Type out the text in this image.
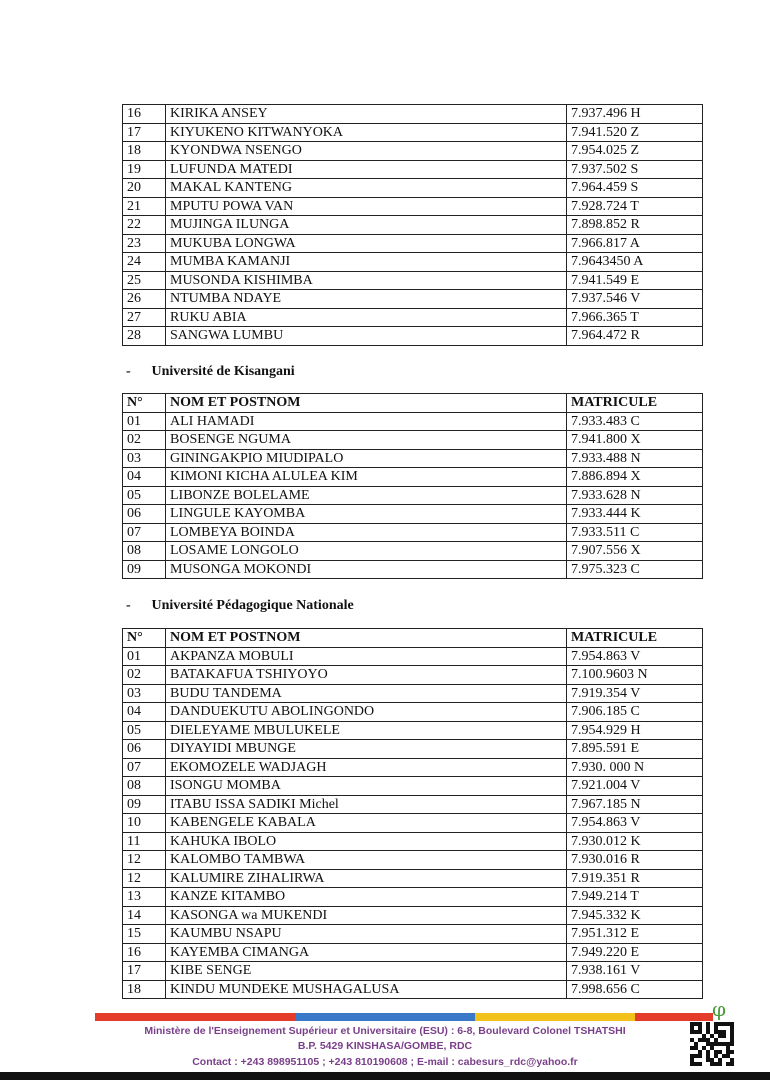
16	KIRIKA ANSEY	7.937.496 H
17	KIYUKENO KITWANYOKA	7.941.520 Z
18	KYONDWA NSENGO	7.954.025 Z
19	LUFUNDA MATEDI	7.937.502 S
20	MAKAL KANTENG	7.964.459 S
21	MPUTU POWA VAN	7.928.724 T
22	MUJINGA ILUNGA	7.898.852 R
23	MUKUBA LONGWA	7.966.817 A
24	MUMBA KAMANJI	7.9643450 A
25	MUSONDA KISHIMBA	7.941.549 E
26	NTUMBA NDAYE	7.937.546 V
27	RUKU ABIA	7.966.365 T
28	SANGWA LUMBU	7.964.472 R
- Université de Kisangani
N°	NOM ET POSTNOM	MATRICULE
01	ALI HAMADI	7.933.483 C
02	BOSENGE NGUMA	7.941.800 X
03	GININGAKPIO MIUDIPALO	7.933.488 N
04	KIMONI KICHA ALULEA KIM	7.886.894 X
05	LIBONZE BOLELAME	7.933.628 N
06	LINGULE KAYOMBA	7.933.444 K
07	LOMBEYA BOINDA	7.933.511 C
08	LOSAME LONGOLO	7.907.556 X
09	MUSONGA MOKONDI	7.975.323 C
- Université Pédagogique Nationale
N°	NOM ET POSTNOM	MATRICULE
01	AKPANZA MOBULI	7.954.863 V
02	BATAKAFUA TSHIYOYO	7.100.9603 N
03	BUDU TANDEMA	7.919.354 V
04	DANDUEKUTU ABOLINGONDO	7.906.185 C
05	DIELEYAME MBULUKELE	7.954.929 H
06	DIYAYIDI MBUNGE	7.895.591 E
07	EKOMOZELE WADJAGH	7.930. 000 N
08	ISONGU MOMBA	7.921.004 V
09	ITABU ISSA SADIKI Michel	7.967.185 N
10	KABENGELE KABALA	7.954.863 V
11	KAHUKA IBOLO	7.930.012 K
12	KALOMBO TAMBWA	7.930.016 R
12	KALUMIRE ZIHALIRWA	7.919.351 R
13	KANZE KITAMBO	7.949.214 T
14	KASONGA wa MUKENDI	7.945.332 K
15	KAUMBU NSAPU	7.951.312 E
16	KAYEMBA CIMANGA	7.949.220 E
17	KIBE SENGE	7.938.161 V
18	KINDU MUNDEKE MUSHAGALUSA	7.998.656 C
φ
Ministère de l'Enseignement Supérieur et Universitaire (ESU) : 6-8, Boulevard Colonel TSHATSHI
B.P. 5429 KINSHASA/GOMBE, RDC
Contact : +243 898951105 ; +243 810190608 ; E-mail : cabesurs_rdc@yahoo.fr
